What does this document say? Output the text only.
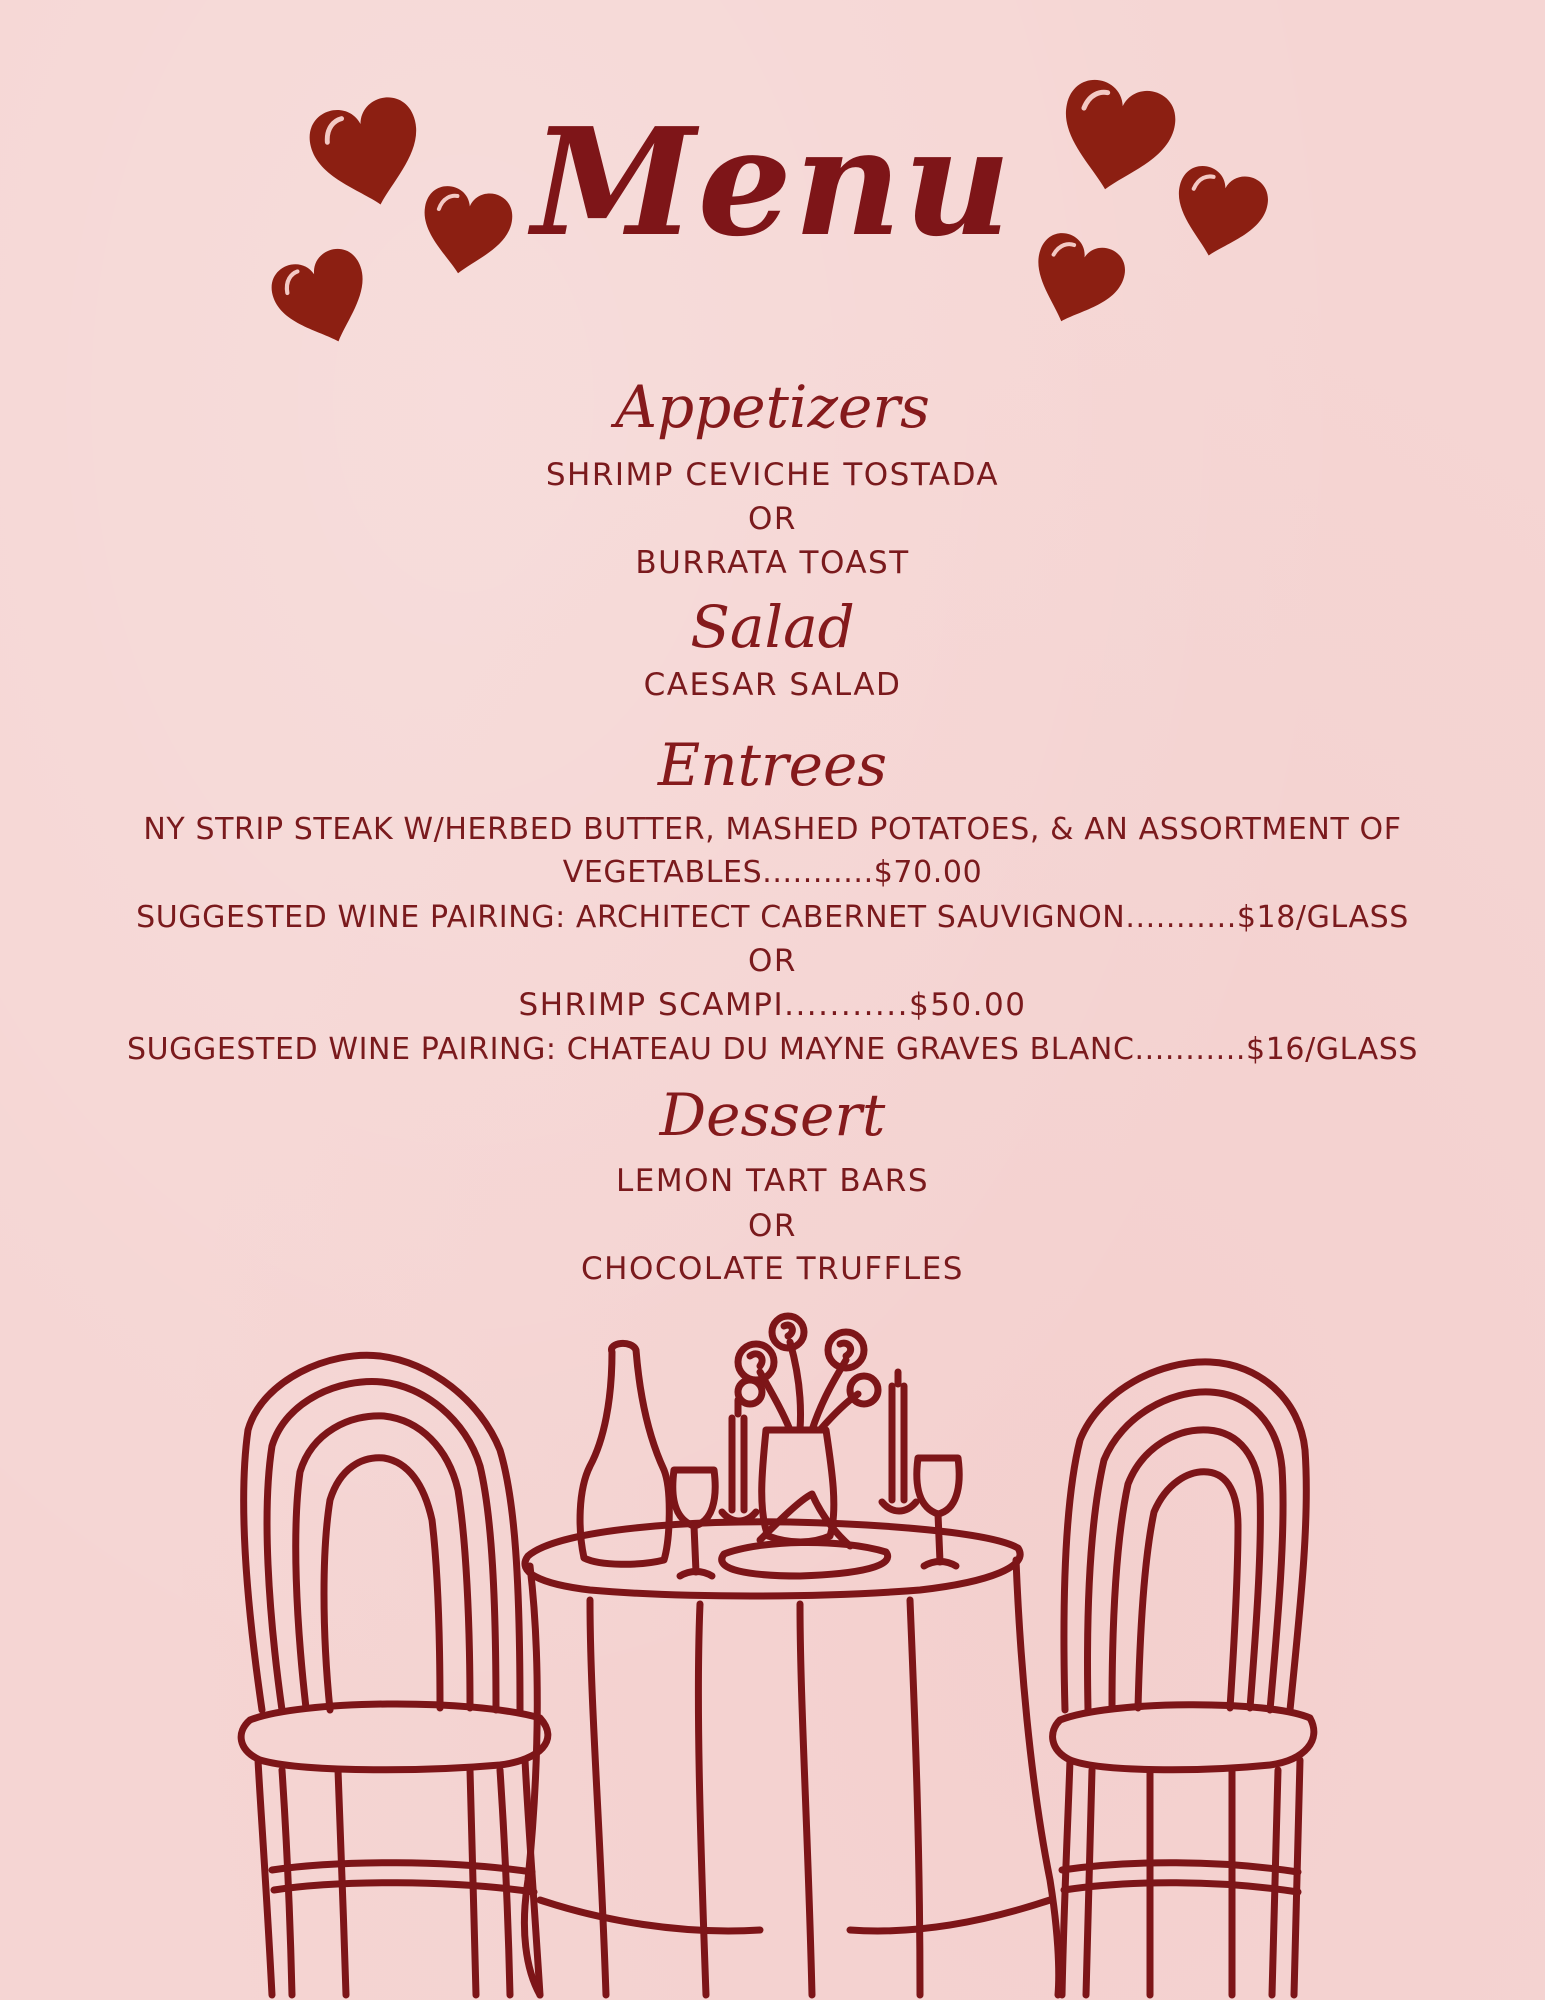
Menu
Appetizers
SHRIMP CEVICHE TOSTADA
OR
BURRATA TOAST
Salad
CAESAR SALAD
Entrees
NY STRIP STEAK W/HERBED BUTTER, MASHED POTATOES, & AN ASSORTMENT OF
VEGETABLES...........$70.00
SUGGESTED WINE PAIRING: ARCHITECT CABERNET SAUVIGNON...........$18/GLASS
OR
SHRIMP SCAMPI...........$50.00
SUGGESTED WINE PAIRING: CHATEAU DU MAYNE GRAVES BLANC...........$16/GLASS
Dessert
LEMON TART BARS
OR
CHOCOLATE TRUFFLES
